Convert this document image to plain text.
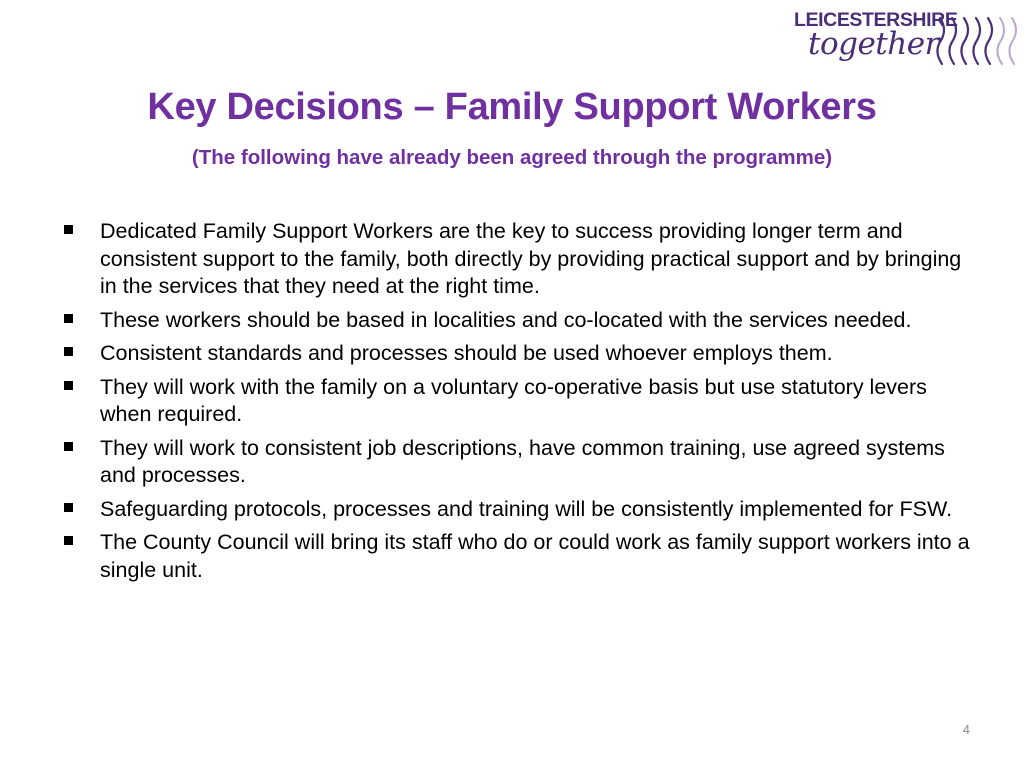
LEICESTERSHIRE
together
Key Decisions – Family Support Workers
(The following have already been agreed through the programme)
Dedicated Family Support Workers are the key to success providing longer term and consistent support to the family, both directly by providing practical support and by bringing in the services that they need at the right time.
These workers should be based in localities and co-located with the services needed.
Consistent standards and processes should be used whoever employs them.
They will work with the family on a voluntary co-operative basis but use statutory levers when required.
They will work to consistent job descriptions, have common training, use agreed systems and processes.
Safeguarding protocols, processes and training will be consistently implemented for FSW.
The County Council will bring its staff who do or could work as family support workers into a single unit.
4
